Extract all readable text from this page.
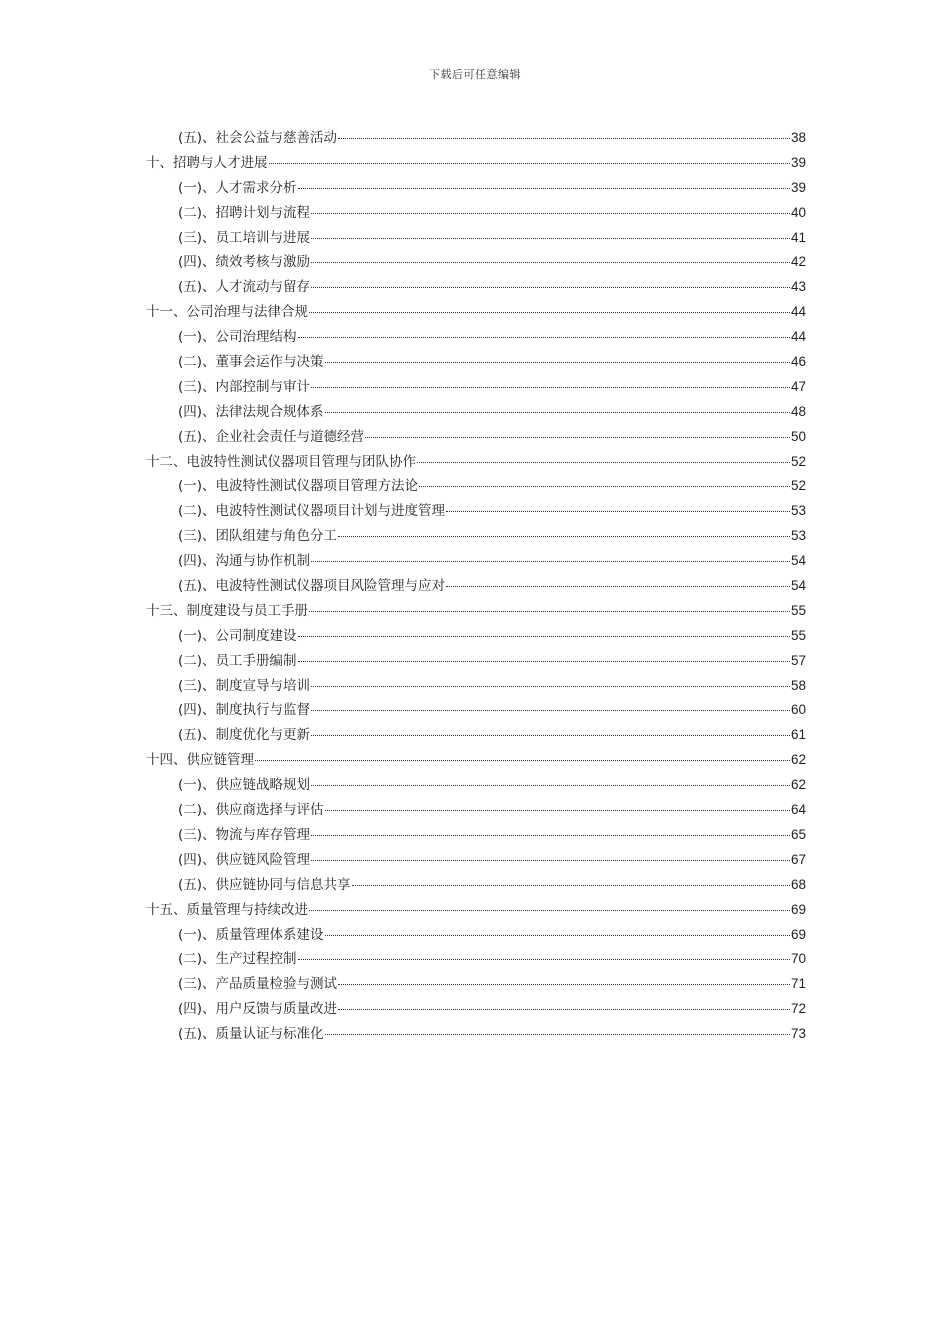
下载后可任意编辑
(五)、社会公益与慈善活动	38
十、招聘与人才进展	39
(一)、人才需求分析	39
(二)、招聘计划与流程	40
(三)、员工培训与进展	41
(四)、绩效考核与激励	42
(五)、人才流动与留存	43
十一、公司治理与法律合规	44
(一)、公司治理结构	44
(二)、董事会运作与决策	46
(三)、内部控制与审计	47
(四)、法律法规合规体系	48
(五)、企业社会责任与道德经营	50
十二、电波特性测试仪器项目管理与团队协作	52
(一)、电波特性测试仪器项目管理方法论	52
(二)、电波特性测试仪器项目计划与进度管理	53
(三)、团队组建与角色分工	53
(四)、沟通与协作机制	54
(五)、电波特性测试仪器项目风险管理与应对	54
十三、制度建设与员工手册	55
(一)、公司制度建设	55
(二)、员工手册编制	57
(三)、制度宣导与培训	58
(四)、制度执行与监督	60
(五)、制度优化与更新	61
十四、供应链管理	62
(一)、供应链战略规划	62
(二)、供应商选择与评估	64
(三)、物流与库存管理	65
(四)、供应链风险管理	67
(五)、供应链协同与信息共享	68
十五、质量管理与持续改进	69
(一)、质量管理体系建设	69
(二)、生产过程控制	70
(三)、产品质量检验与测试	71
(四)、用户反馈与质量改进	72
(五)、质量认证与标准化	73
